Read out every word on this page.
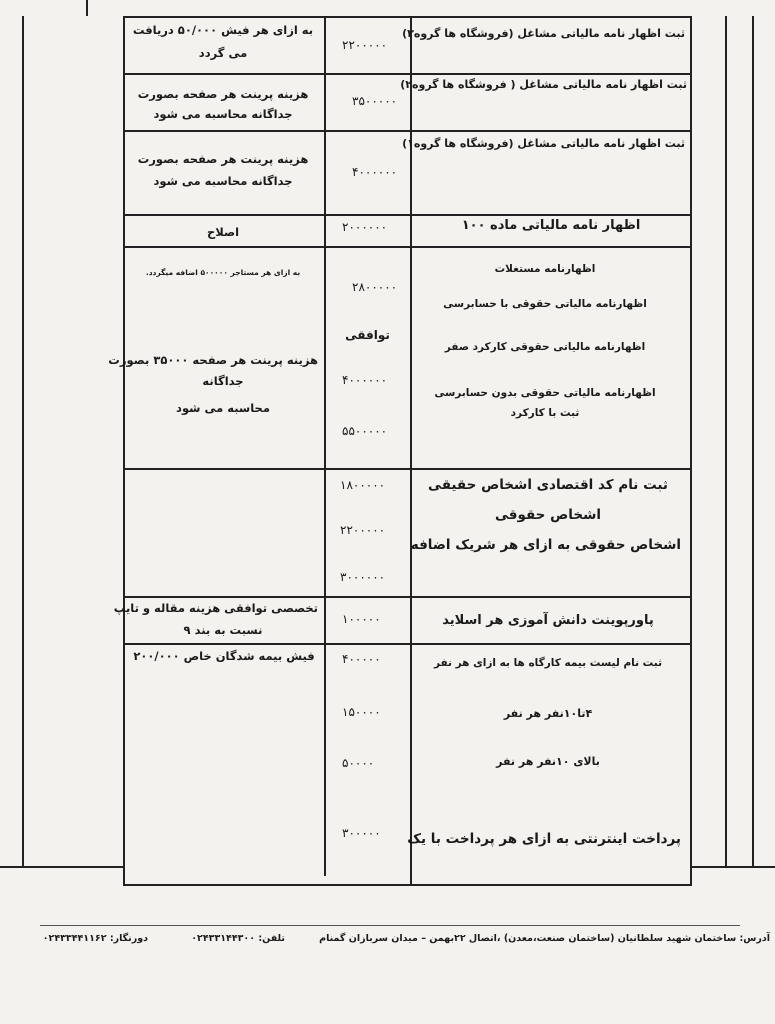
ثبت اظهار نامه مالیاتی مشاغل (فروشگاه ها گروه۳)
۲۲۰۰۰۰۰
به ازای هر فیش ۵۰/۰۰۰ دریافت
می گردد
ثبت اظهار نامه مالیاتی مشاغل ( فروشگاه ها گروه۲)
۳۵۰۰۰۰۰
هزینه پرینت هر صفحه بصورت
جداگانه محاسبه می شود
ثبت اظهار نامه مالیاتی مشاغل (فروشگاه ها گروه۱)
۴۰۰۰۰۰۰
هزینه پرینت هر صفحه بصورت
جداگانه محاسبه می شود
اظهار نامه مالیاتی ماده ۱۰۰
۲۰۰۰۰۰۰
اصلاح
اظهارنامه مستغلات
اظهارنامه مالیاتی حقوقی با حسابرسی
اظهارنامه مالیاتی حقوقی کارکرد صفر
اظهارنامه مالیاتی حقوقی بدون حسابرسی
ثبت با کارکرد
۲۸۰۰۰۰۰
توافقی
۴۰۰۰۰۰۰
۵۵۰۰۰۰۰
به ازای هر مستاجر ۵۰۰۰۰۰ اضافه میگردد.
هزینه پرینت هر صفحه ۳۵۰۰۰ بصورت
جداگانه
محاسبه می شود
ثبت نام کد اقتصادی اشخاص حقیقی
اشخاص حقوقی
اشخاص حقوقی به ازای هر شریک اضافه
۱۸۰۰۰۰۰
۲۲۰۰۰۰۰
۳۰۰۰۰۰۰
پاورپوینت دانش آموزی هر اسلاید
۱۰۰۰۰۰
تخصصی توافقی هزینه مقاله و تایپ
نسبت به بند ۹
ثبت نام لیست بیمه کارگاه ها به ازای هر نفر
۴تا۱۰نفر هر نفر
بالای ۱۰نفر هر نفر
پرداخت اینترنتی به ازای هر پرداخت با یک
۴۰۰۰۰۰
۱۵۰۰۰۰
۵۰۰۰۰
۳۰۰۰۰۰
فیش بیمه شدگان خاص ۲۰۰/۰۰۰
آدرس: ساختمان شهید سلطانیان (ساختمان صنعت،معدن) ،اتصال ۲۲بهمن – میدان سربازان گمنام
تلفن: ۰۲۴۳۳۱۴۴۳۰۰
دورنگار: ۰۲۴۳۳۴۴۱۱۶۲
